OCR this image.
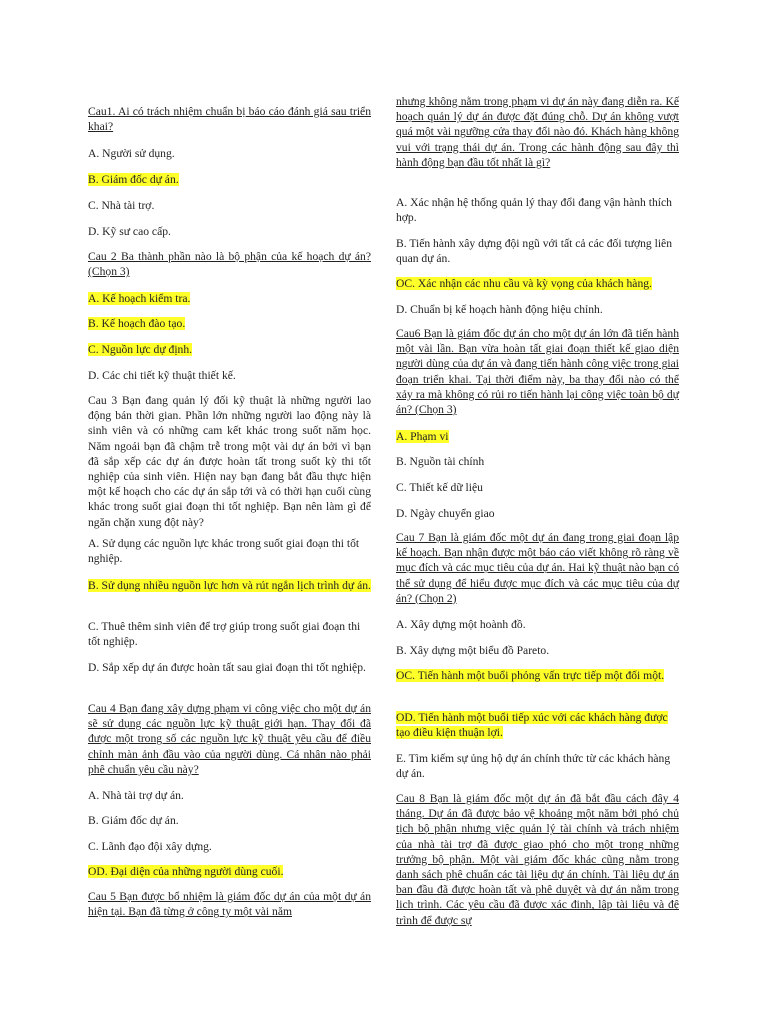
Cau1. Ai có trách nhiệm chuẩn bị báo cáo đánh giá sau triển khai?
A. Người sử dụng.
B. Giám đốc dự án.
C. Nhà tài trợ.
D. Kỹ sư cao cấp.
Cau 2 Ba thành phần nào là bộ phận của kế hoạch dự án? (Chọn 3)
A. Kế hoạch kiểm tra.
B. Kế hoạch đào tạo.
C. Nguồn lực dự định.
D. Các chi tiết kỹ thuật thiết kế.
Cau 3 Bạn đang quản lý đối kỹ thuật là những người lao động bán thời gian. Phần lớn những người lao động này là sinh viên và có những cam kết khác trong suốt năm học. Năm ngoái bạn đã chậm trễ trong một vài dự án bởi vì bạn đã sắp xếp các dự án được hoàn tất trong suốt kỳ thi tốt nghiệp của sinh viên. Hiện nay bạn đang bắt đầu thực hiện một kế hoạch cho các dự án sắp tới và có thời hạn cuối cùng khác trong suốt giai đoạn thi tốt nghiệp. Bạn nên làm gì để ngăn chặn xung đột này?
A. Sử dụng các nguồn lực khác trong suốt giai đoạn thi tốt nghiệp.
B. Sử dụng nhiều nguồn lực hơn và rút ngắn lịch trình dự án.
C. Thuê thêm sinh viên để trợ giúp trong suốt giai đoạn thi tốt nghiệp.
D. Sắp xếp dự án được hoàn tất sau giai đoạn thi tốt nghiệp.
Cau 4 Bạn đang xây dựng phạm vi công việc cho một dự án sẽ sử dụng các nguồn lực kỹ thuật giới hạn. Thay đổi đã được một trong số các nguồn lực kỹ thuật yêu cầu để điều chỉnh màn ảnh đầu vào của người dùng. Cá nhân nào phải phê chuẩn yêu cầu này?
A. Nhà tài trợ dự án.
B. Giám đốc dự án.
C. Lãnh đạo đội xây dựng.
OD. Đại diện của những người dùng cuối.
Cau 5 Bạn được bổ nhiệm là giám đốc dự án của một dự án hiện tại. Bạn đã từng ở công ty một vài năm
nhưng không nằm trong phạm vi dự án này đang diễn ra. Kế hoạch quản lý dự án được đặt đúng chỗ. Dự án không vượt quá một vài ngưỡng cửa thay đổi nào đó. Khách hàng không vui với trạng thái dự án. Trong các hành động sau đây thì hành động bạn đầu tốt nhất là gì?
A. Xác nhận hệ thống quản lý thay đổi đang vận hành thích hợp.
B. Tiến hành xây dựng đội ngũ với tất cả các đối tượng liên quan dự án.
OC. Xác nhận các nhu cầu và kỳ vọng của khách hàng.
D. Chuẩn bị kế hoạch hành động hiệu chỉnh.
Cau6 Bạn là giám đốc dự án cho một dự án lớn đã tiến hành một vài lần. Bạn vừa hoàn tất giai đoạn thiết kế giao diện người dùng của dự án và đang tiến hành công việc trong giai đoạn triển khai. Tại thời điểm này, ba thay đổi nào có thể xảy ra mà không có rủi ro tiến hành lại công việc toàn bộ dự án? (Chọn 3)
A. Phạm vi
B. Nguồn tài chính
C. Thiết kế dữ liệu
D. Ngày chuyển giao
Cau 7 Bạn là giám đốc một dự án đang trong giai đoạn lập kế hoạch. Bạn nhận được một báo cáo viết không rõ ràng về mục đích và các mục tiêu của dự án. Hai kỹ thuật nào bạn có thể sử dụng để hiểu được mục đích và các mục tiêu của dự án? (Chọn 2)
A. Xây dựng một hoành đồ.
B. Xây dựng một biểu đồ Pareto.
OC. Tiến hành một buổi phỏng vấn trực tiếp một đối một.
OD. Tiến hành một buổi tiếp xúc với các khách hàng được tạo điều kiện thuận lợi.
E. Tìm kiếm sự ủng hộ dự án chính thức từ các khách hàng dự án.
Cau 8 Bạn là giám đốc một dự án đã bắt đầu cách đây 4 tháng. Dự án đã được bảo vệ khoảng một năm bởi phó chủ tịch bộ phận nhưng việc quản lý tài chính và trách nhiệm của nhà tài trợ đã được giao phó cho một trong những trưởng bộ phận. Một vài giám đốc khác cũng nằm trong danh sách phê chuẩn các tài liệu dự án chính. Tài liệu dự án ban đầu đã được hoàn tất và phê duyệt và dự án nằm trong lịch trình. Các yêu cầu đã được xác định, lập tài liệu và đệ trình để được sự
